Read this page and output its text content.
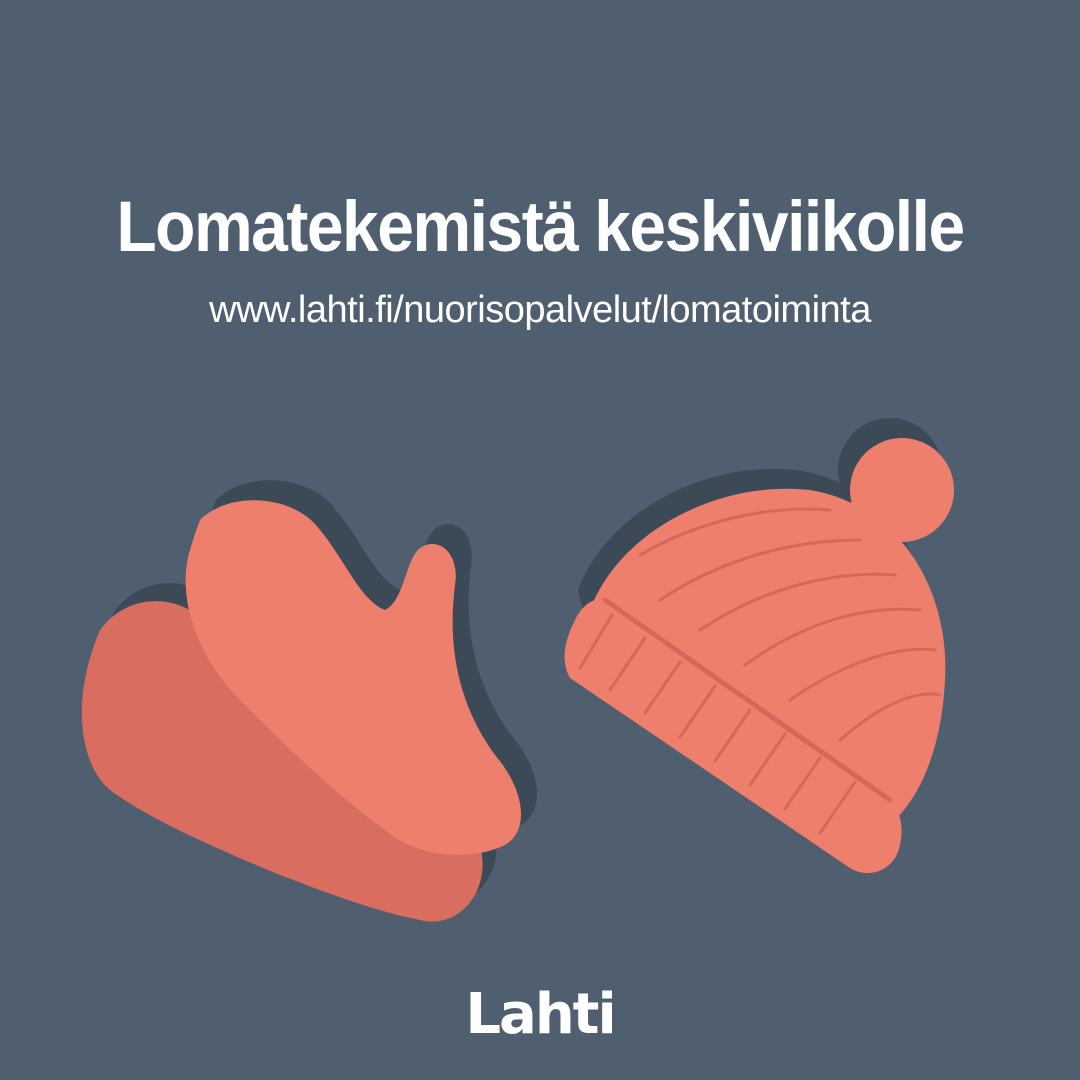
Lomatekemistä keskiviikolle
www.lahti.fi/nuorisopalvelut/lomatoiminta
Lahti
